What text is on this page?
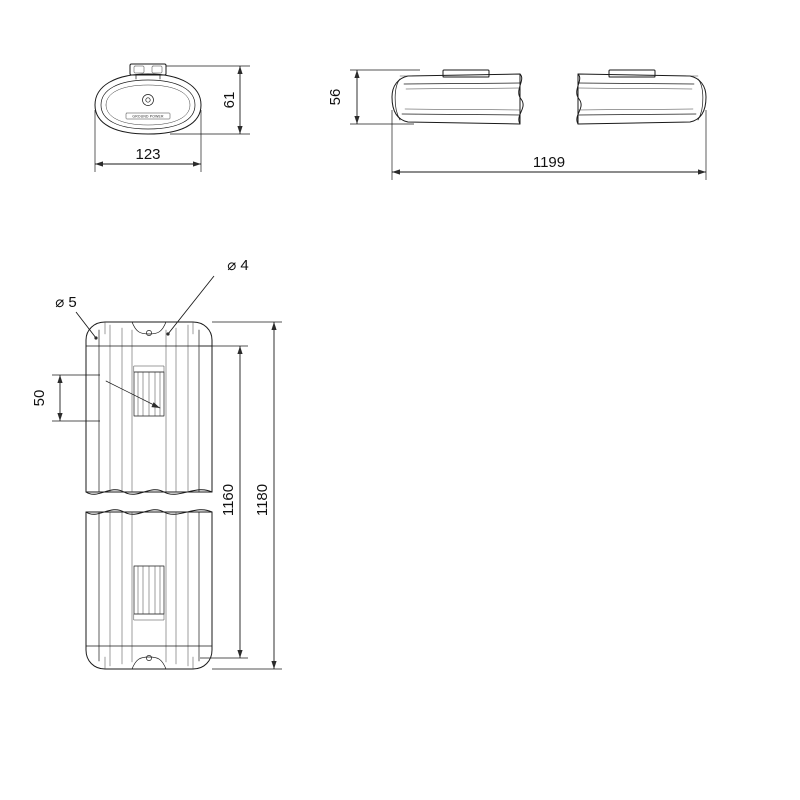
GROUND POWER
61
123
56
1199
⌀ 5
⌀ 4
50
1160 1180
